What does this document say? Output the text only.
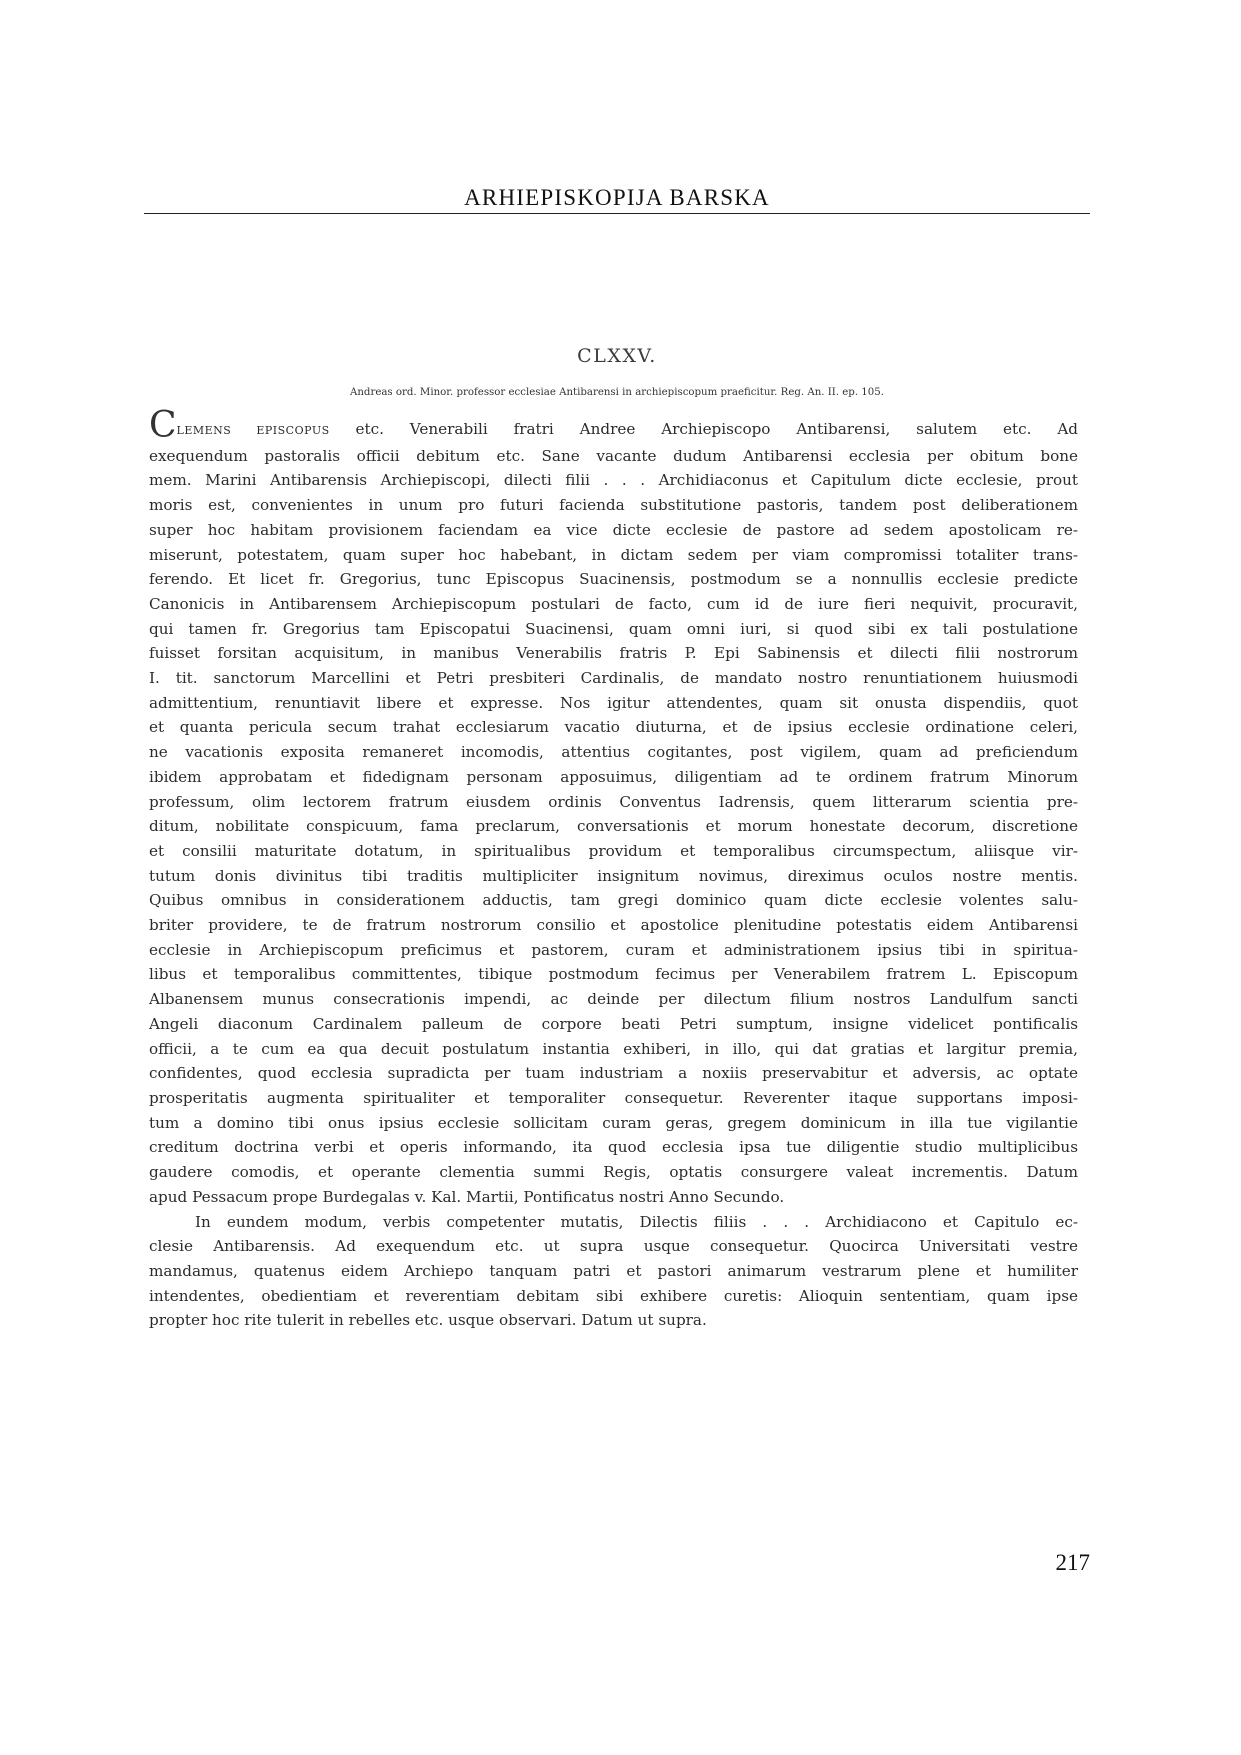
ARHIEPISKOPIJA BARSKA
CLXXV.
Andreas ord. Minor. professor ecclesiae Antibarensi in archiepiscopum praeficitur. Reg. An. II. ep. 105.
CLEMENS EPISCOPUS etc. Venerabili fratri Andree Archiepiscopo Antibarensi, salutem etc. Ad
exequendum pastoralis officii debitum etc. Sane vacante dudum Antibarensi ecclesia per obitum bone
mem. Marini Antibarensis Archiepiscopi, dilecti filii . . . Archidiaconus et Capitulum dicte ecclesie, prout
moris est, convenientes in unum pro futuri facienda substitutione pastoris, tandem post deliberationem
super hoc habitam provisionem faciendam ea vice dicte ecclesie de pastore ad sedem apostolicam re-
miserunt, potestatem, quam super hoc habebant, in dictam sedem per viam compromissi totaliter trans-
ferendo. Et licet fr. Gregorius, tunc Episcopus Suacinensis, postmodum se a nonnullis ecclesie predicte
Canonicis in Antibarensem Archiepiscopum postulari de facto, cum id de iure fieri nequivit, procuravit,
qui tamen fr. Gregorius tam Episcopatui Suacinensi, quam omni iuri, si quod sibi ex tali postulatione
fuisset forsitan acquisitum, in manibus Venerabilis fratris P. Epi Sabinensis et dilecti filii nostrorum
I. tit. sanctorum Marcellini et Petri presbiteri Cardinalis, de mandato nostro renuntiationem huiusmodi
admittentium, renuntiavit libere et expresse. Nos igitur attendentes, quam sit onusta dispendiis, quot
et quanta pericula secum trahat ecclesiarum vacatio diuturna, et de ipsius ecclesie ordinatione celeri,
ne vacationis exposita remaneret incomodis, attentius cogitantes, post vigilem, quam ad preficiendum
ibidem approbatam et fidedignam personam apposuimus, diligentiam ad te ordinem fratrum Minorum
professum, olim lectorem fratrum eiusdem ordinis Conventus Iadrensis, quem litterarum scientia pre-
ditum, nobilitate conspicuum, fama preclarum, conversationis et morum honestate decorum, discretione
et consilii maturitate dotatum, in spiritualibus providum et temporalibus circumspectum, aliisque vir-
tutum donis divinitus tibi traditis multipliciter insignitum novimus, direximus oculos nostre mentis.
Quibus omnibus in considerationem adductis, tam gregi dominico quam dicte ecclesie volentes salu-
briter providere, te de fratrum nostrorum consilio et apostolice plenitudine potestatis eidem Antibarensi
ecclesie in Archiepiscopum preficimus et pastorem, curam et administrationem ipsius tibi in spiritua-
libus et temporalibus committentes, tibique postmodum fecimus per Venerabilem fratrem L. Episcopum
Albanensem munus consecrationis impendi, ac deinde per dilectum filium nostros Landulfum sancti
Angeli diaconum Cardinalem palleum de corpore beati Petri sumptum, insigne videlicet pontificalis
officii, a te cum ea qua decuit postulatum instantia exhiberi, in illo, qui dat gratias et largitur premia,
confidentes, quod ecclesia supradicta per tuam industriam a noxiis preservabitur et adversis, ac optate
prosperitatis augmenta spiritualiter et temporaliter consequetur. Reverenter itaque supportans imposi-
tum a domino tibi onus ipsius ecclesie sollicitam curam geras, gregem dominicum in illa tue vigilantie
creditum doctrina verbi et operis informando, ita quod ecclesia ipsa tue diligentie studio multiplicibus
gaudere comodis, et operante clementia summi Regis, optatis consurgere valeat incrementis. Datum
apud Pessacum prope Burdegalas v. Kal. Martii, Pontificatus nostri Anno Secundo.
In eundem modum, verbis competenter mutatis, Dilectis filiis . . . Archidiacono et Capitulo ec-
clesie Antibarensis. Ad exequendum etc. ut supra usque consequetur. Quocirca Universitati vestre
mandamus, quatenus eidem Archiepo tanquam patri et pastori animarum vestrarum plene et humiliter
intendentes, obedientiam et reverentiam debitam sibi exhibere curetis: Alioquin sententiam, quam ipse
propter hoc rite tulerit in rebelles etc. usque observari. Datum ut supra.
217
